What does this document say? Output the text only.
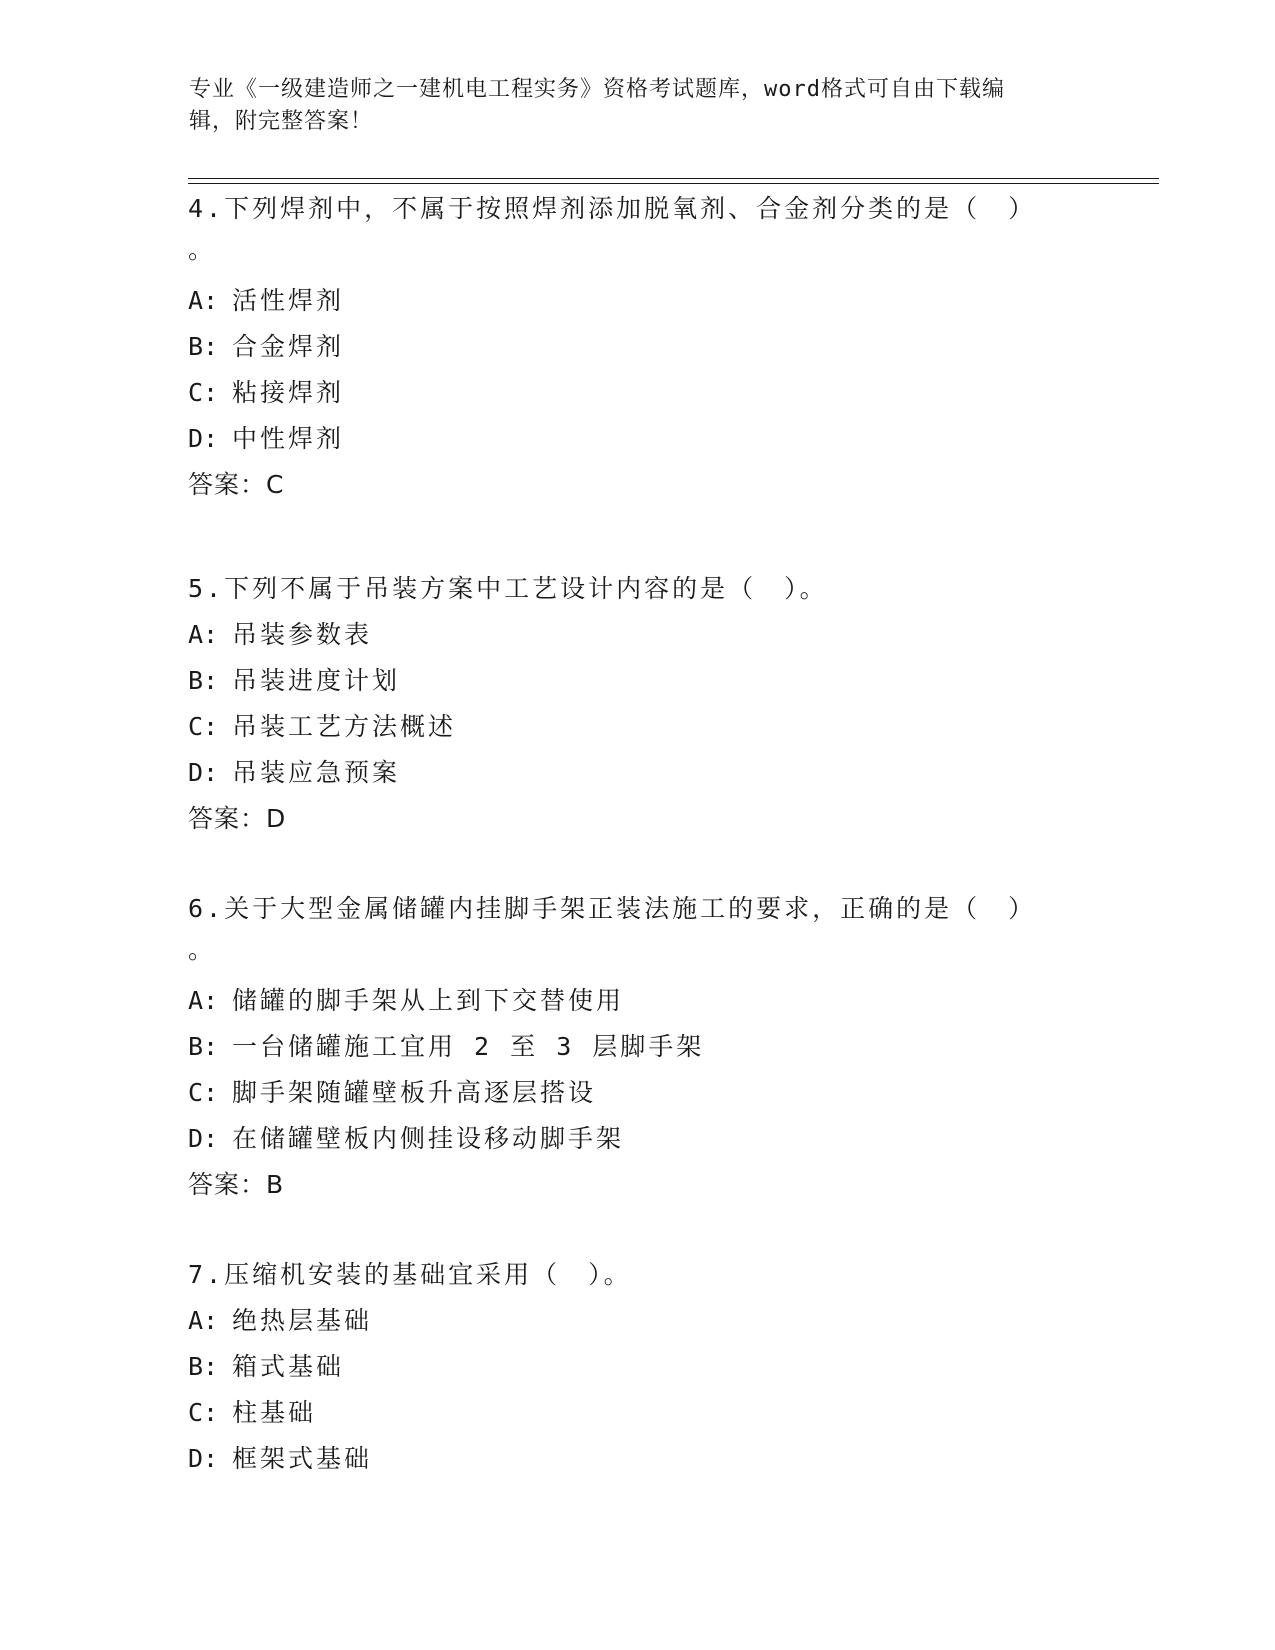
专业《一级建造师之一建机电工程实务》资格考试题库，word格式可自由下载编
辑，附完整答案！
4.下列焊剂中，不属于按照焊剂添加脱氧剂、合金剂分类的是（　）
。
A: 活性焊剂
B: 合金焊剂
C: 粘接焊剂
D: 中性焊剂
答案：C
5.下列不属于吊装方案中工艺设计内容的是（　）。
A: 吊装参数表
B: 吊装进度计划
C: 吊装工艺方法概述
D: 吊装应急预案
答案：D
6.关于大型金属储罐内挂脚手架正装法施工的要求，正确的是（　）
。
A: 储罐的脚手架从上到下交替使用
B: 一台储罐施工宜用 2 至 3 层脚手架
C: 脚手架随罐壁板升高逐层搭设
D: 在储罐壁板内侧挂设移动脚手架
答案：B
7.压缩机安装的基础宜采用（　）。
A: 绝热层基础
B: 箱式基础
C: 柱基础
D: 框架式基础
